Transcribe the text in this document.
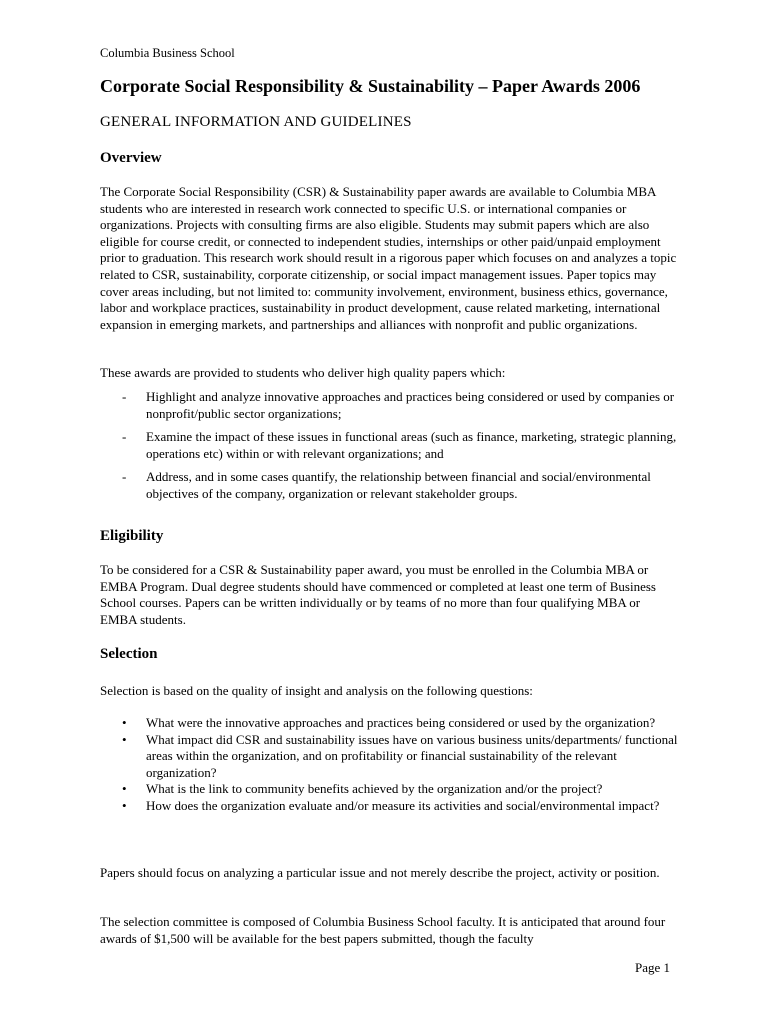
Columbia Business School
Corporate Social Responsibility & Sustainability – Paper Awards 2006
GENERAL INFORMATION AND GUIDELINES
Overview

The Corporate Social Responsibility (CSR) & Sustainability paper awards are available to Columbia MBA students who are interested in research work connected to specific U.S. or international companies or organizations. Projects with consulting firms are also eligible. Students may submit papers which are also eligible for course credit, or connected to independent studies, internships or other paid/unpaid employment prior to graduation. This research work should result in a rigorous paper which focuses on and analyzes a topic related to CSR, sustainability, corporate citizenship, or social impact management issues. Paper topics may cover areas including, but not limited to: community involvement, environment, business ethics, governance, labor and workplace practices, sustainability in product development, cause related marketing, international expansion in emerging markets, and partnerships and alliances with nonprofit and public organizations.

These awards are provided to students who deliver high quality papers which:

- Highlight and analyze innovative approaches and practices being considered or used by companies or nonprofit/public sector organizations;
- Examine the impact of these issues in functional areas (such as finance, marketing, strategic planning, operations etc) within or with relevant organizations; and
- Address, and in some cases quantify, the relationship between financial and social/environmental objectives of the company, organization or relevant stakeholder groups.
Eligibility

To be considered for a CSR & Sustainability paper award, you must be enrolled in the Columbia MBA or EMBA Program. Dual degree students should have commenced or completed at least one term of Business School courses. Papers can be written individually or by teams of no more than four qualifying MBA or EMBA students.

Selection

Selection is based on the quality of insight and analysis on the following questions:

• What were the innovative approaches and practices being considered or used by the organization?
• What impact did CSR and sustainability issues have on various business units/departments/ functional areas within the organization, and on profitability or financial sustainability of the relevant organization?
• What is the link to community benefits achieved by the organization and/or the project?
• How does the organization evaluate and/or measure its activities and social/environmental impact?

Papers should focus on analyzing a particular issue and not merely describe the project, activity or position.

The selection committee is composed of Columbia Business School faculty. It is anticipated that around four awards of $1,500 will be available for the best papers submitted, though the faculty

Page 1
